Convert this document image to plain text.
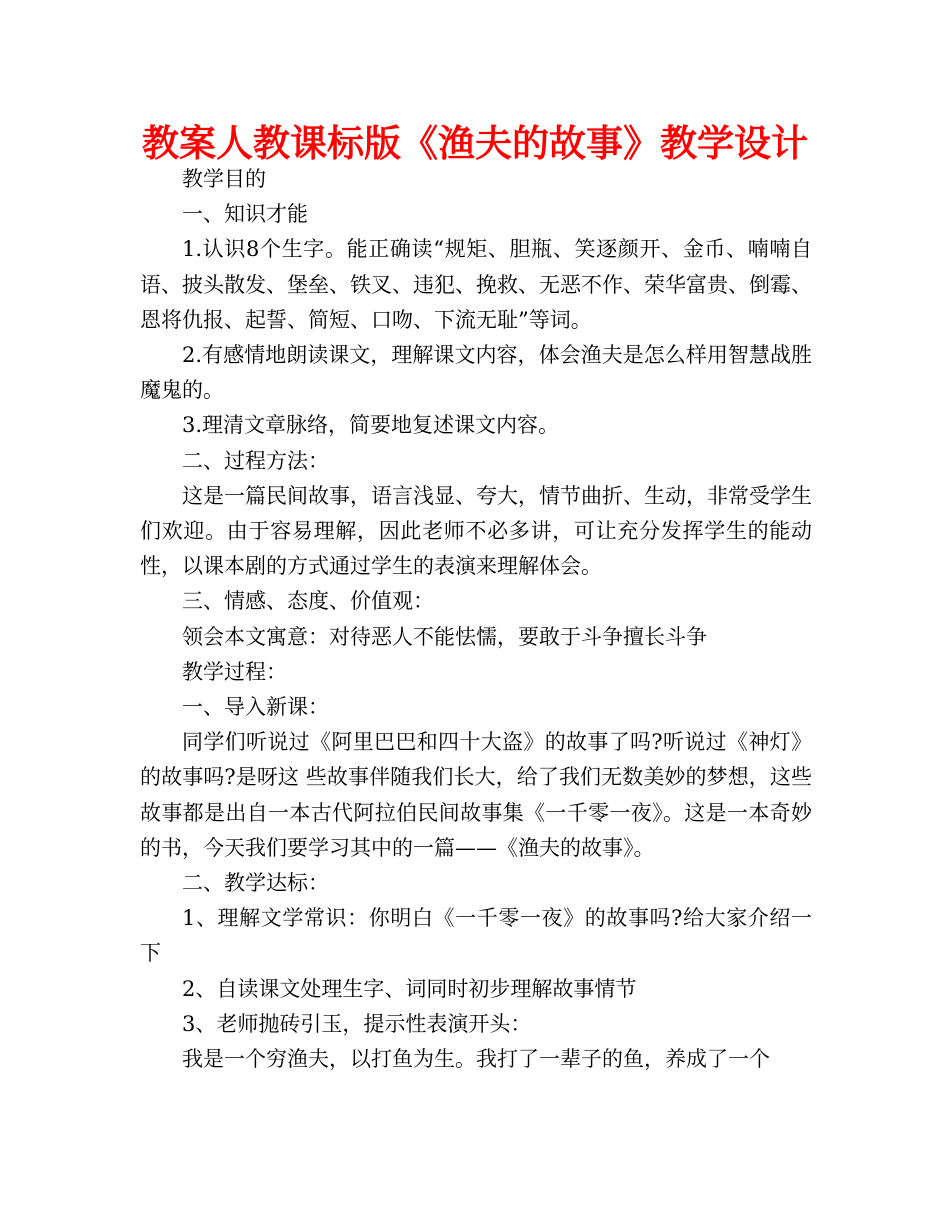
教案人教课标版《渔夫的故事》教学设计

教学目的

一、知识才能

1.认识8个生字。能正确读“规矩、胆瓶、笑逐颜开、金币、喃喃自语、披头散发、堡垒、铁叉、违犯、挽救、无恶不作、荣华富贵、倒霉、恩将仇报、起誓、简短、口吻、下流无耻”等词。

2.有感情地朗读课文，理解课文内容，体会渔夫是怎么样用智慧战胜魔鬼的。

3.理清文章脉络，简要地复述课文内容。

二、过程方法：

这是一篇民间故事，语言浅显、夸大，情节曲折、生动，非常受学生们欢迎。由于容易理解，因此老师不必多讲，可让充分发挥学生的能动性，以课本剧的方式通过学生的表演来理解体会。

三、情感、态度、价值观：

领会本文寓意：对待恶人不能怯懦，要敢于斗争擅长斗争

教学过程：

一、导入新课：

同学们听说过《阿里巴巴和四十大盗》的故事了吗?听说过《神灯》的故事吗?是呀这 些故事伴随我们长大，给了我们无数美妙的梦想，这些故事都是出自一本古代阿拉伯民间故事集《一千零一夜》。这是一本奇妙的书，今天我们要学习其中的一篇——《渔夫的故事》。

二、教学达标：

1、理解文学常识：你明白《一千零一夜》的故事吗?给大家介绍一下

2、自读课文处理生字、词同时初步理解故事情节

3、老师抛砖引玉，提示性表演开头：

我是一个穷渔夫，以打鱼为生。我打了一辈子的鱼，养成了一个
